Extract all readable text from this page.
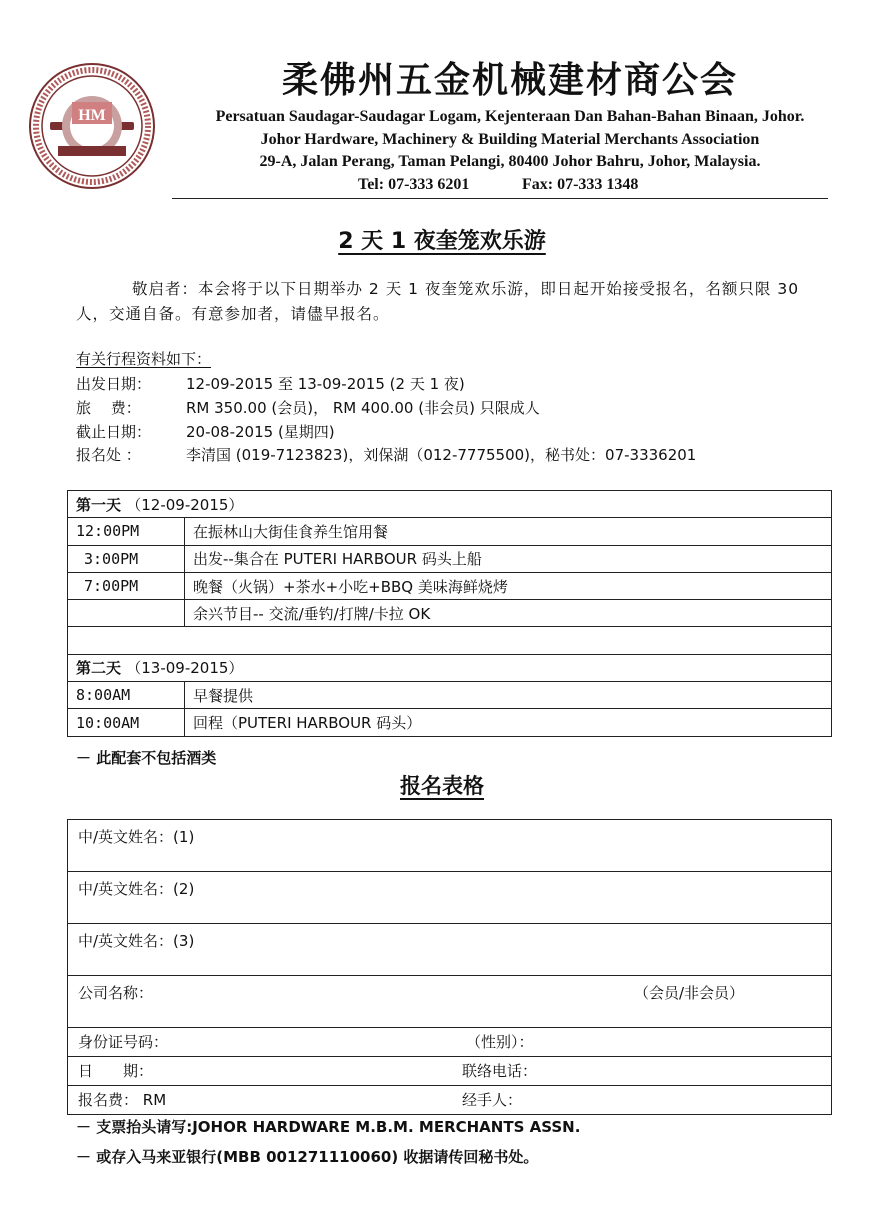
HM
柔佛州五金机械建材商公会
Persatuan Saudagar-Saudagar Logam, Kejenteraan Dan Bahan-Bahan Binaan, Johor.
Johor Hardware, Machinery & Building Material Merchants Association
29-A, Jalan Perang, Taman Pelangi, 80400 Johor Bahru, Johor, Malaysia.
Tel: 07-333 6201	Fax: 07-333 1348
2 天 1 夜奎笼欢乐游
敬启者：本会将于以下日期举办 2 天 1 夜奎笼欢乐游，即日起开始接受报名，名额只限 30 人，交通自备。有意参加者，请儘早报名。
有关行程资料如下：
出发日期： 12-09-2015 至 13-09-2015 (2 天 1 夜)
旅　 费：	RM 350.00 (会员)， RM 400.00 (非会员) 只限成人
截止日期： 20-08-2015 (星期四)
报名处 ：	李清国 (019-7123823)，刘保湖（012-7775500)，秘书处：07-3336201
第一天 （12-09-2015）	
12:00PM	在振林山大街佳食养生馆用餐
3:00PM	出发--集合在 PUTERI HARBOUR 码头上船
7:00PM	晚餐（火锅）+茶水+小吃+BBQ 美味海鲜烧烤
	余兴节目-- 交流/垂钓/打牌/卡拉 OK

第二天 （13-09-2015）	
8:00AM	早餐提供
10:00AM	回程（PUTERI HARBOUR 码头）
－ 此配套不包括酒类
报名表格
中/英文姓名：(1)
中/英文姓名：(2)
中/英文姓名：(3)
公司名称：	（会员/非会员）

身份证号码：	（性别）：

日　　期：	联络电话：

报名费： RM	经手人：
－ 支票抬头请写:JOHOR HARDWARE M.B.M. MERCHANTS ASSN.
－ 或存入马来亚银行(MBB 001271110060) 收据请传回秘书处。
